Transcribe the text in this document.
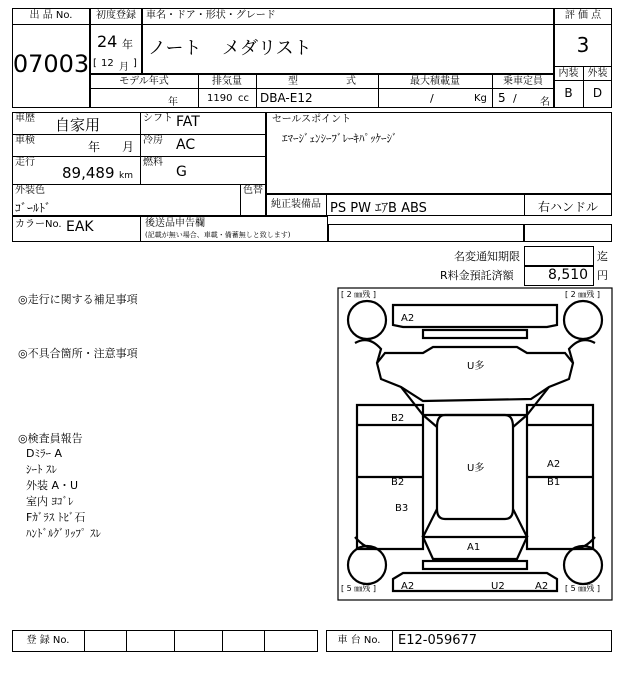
出 品 No.
07003
初度登録
24 年
[ 12 月 ]
車名・ドア・形状・グレード
ノート メダリスト
モデル年式
年
排気量
1190 cc
型	式
DBA-E12
最大積載量
/	Kg
乗車定員
5 / 名
評 価 点
3
内装 外装
B	D
車歴 自家用	シフト FAT
車検	年 月 冷房 AC
走行
89,489 km
燃料
G
外装色
ｺﾞｰﾙﾄﾞ
色替
カラーNo. EAK	後送品申告欄
(記載が無い場合、車載・備蓄無しと致します)
セールスポイント
ｴﾏｰｼﾞｪﾝｼｰﾌﾞﾚｰｷﾊﾟｯｹｰｼﾞ
純正装備品 PS PW ｴｱB ABS	右ハンドル
名変通知期限	迄
R料金預託済額 8,510 円
◎走行に関する補足事項
◎不具合箇所・注意事項
◎検査員報告
Dﾐﾗｰ A
ｼｰﾄ ｽﾚ
外装 A・U
室内 ﾖｺﾞﾚ
Fｶﾞﾗｽ ﾄﾋﾞ石
ﾊﾝﾄﾞﾙｸﾞﾘｯﾌﾟ ｽﾚ
[ 2 ㎜残 ]	[ 2 ㎜残 ]
[ 5 ㎜残 ]	[ 5 ㎜残 ]
A2
U多
B2
B2
B3
U多	A2
B1
A1
A2	U2	A2
登 録 No.	車 台 No.	E12-059677
